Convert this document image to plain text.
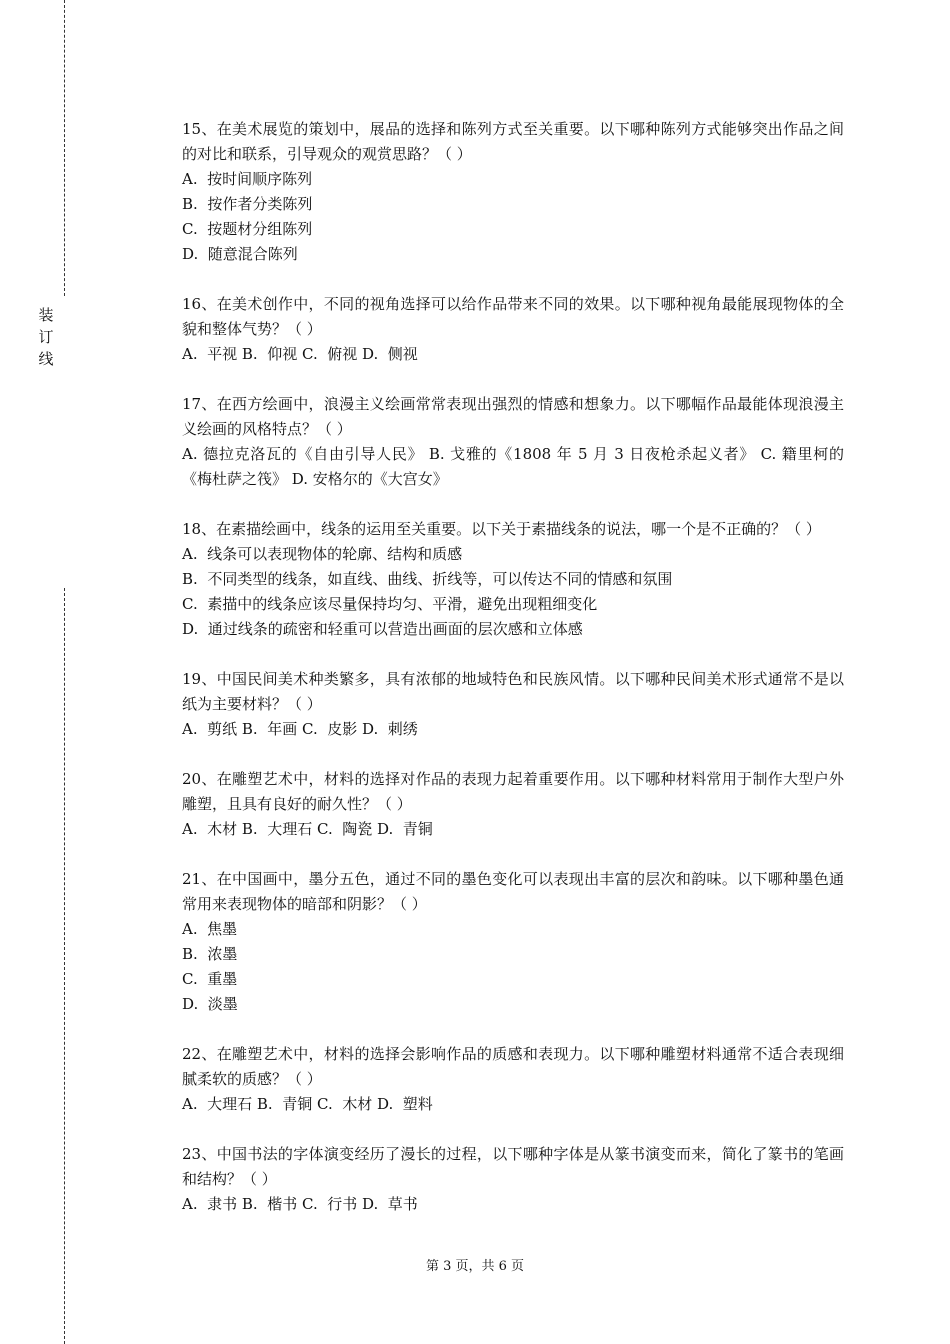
装订线

15、在美术展览的策划中，展品的选择和陈列方式至关重要。以下哪种陈列方式能够突出作品之间的对比和联系，引导观众的观赏思路？（ ）

A.  按时间顺序陈列

B.  按作者分类陈列

C.  按题材分组陈列

D.  随意混合陈列

16、在美术创作中，不同的视角选择可以给作品带来不同的效果。以下哪种视角最能展现物体的全貌和整体气势？（ ）

A.  平视 B.  仰视 C.  俯视 D.  侧视

17、在西方绘画中，浪漫主义绘画常常表现出强烈的情感和想象力。以下哪幅作品最能体现浪漫主义绘画的风格特点？（ ）

A. 德拉克洛瓦的《自由引导人民》 B. 戈雅的《1808 年 5 月 3 日夜枪杀起义者》 C. 籍里柯的《梅杜萨之筏》 D. 安格尔的《大宫女》

18、在素描绘画中，线条的运用至关重要。以下关于素描线条的说法，哪一个是不正确的？（ ）

A.  线条可以表现物体的轮廓、结构和质感

B.  不同类型的线条，如直线、曲线、折线等，可以传达不同的情感和氛围

C.  素描中的线条应该尽量保持均匀、平滑，避免出现粗细变化

D.  通过线条的疏密和轻重可以营造出画面的层次感和立体感

19、中国民间美术种类繁多，具有浓郁的地域特色和民族风情。以下哪种民间美术形式通常不是以纸为主要材料？（ ）

A.  剪纸 B.  年画 C.  皮影 D.  刺绣

20、在雕塑艺术中，材料的选择对作品的表现力起着重要作用。以下哪种材料常用于制作大型户外雕塑，且具有良好的耐久性？（ ）

A.  木材 B.  大理石 C.  陶瓷 D.  青铜

21、在中国画中，墨分五色，通过不同的墨色变化可以表现出丰富的层次和韵味。以下哪种墨色通常用来表现物体的暗部和阴影？（ ）

A.  焦墨

B.  浓墨

C.  重墨

D.  淡墨

22、在雕塑艺术中，材料的选择会影响作品的质感和表现力。以下哪种雕塑材料通常不适合表现细腻柔软的质感？（ ）

A.  大理石 B.  青铜 C.  木材 D.  塑料

23、中国书法的字体演变经历了漫长的过程，以下哪种字体是从篆书演变而来，简化了篆书的笔画和结构？（ ）

A.  隶书 B.  楷书 C.  行书 D.  草书

第 3 页，共 6 页
